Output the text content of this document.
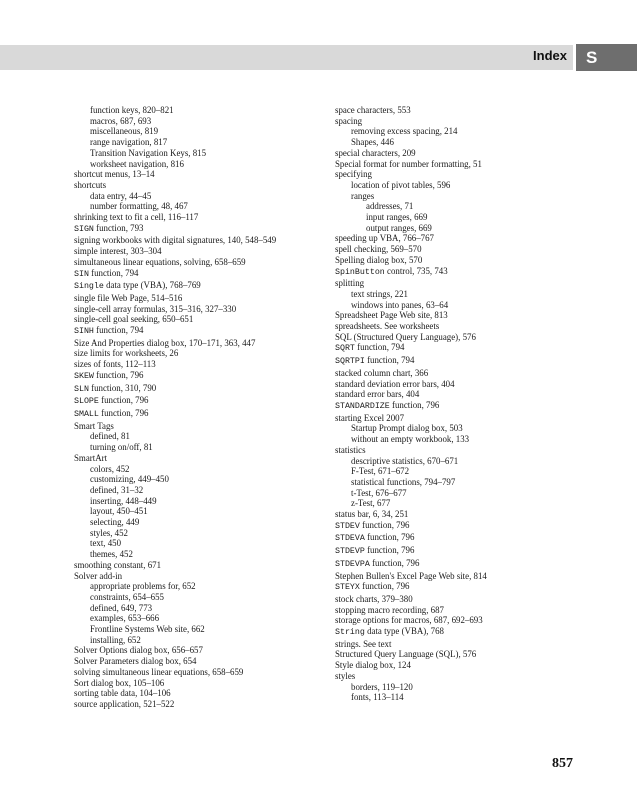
Index S
function keys, 820–821
macros, 687, 693
miscellaneous, 819
range navigation, 817
Transition Navigation Keys, 815
worksheet navigation, 816
shortcut menus, 13–14
shortcuts
data entry, 44–45
number formatting, 48, 467
shrinking text to fit a cell, 116–117
SIGN function, 793
signing workbooks with digital signatures, 140, 548–549
simple interest, 303–304
simultaneous linear equations, solving, 658–659
SIN function, 794
Single data type (VBA), 768–769
single file Web Page, 514–516
single-cell array formulas, 315–316, 327–330
single-cell goal seeking, 650–651
SINH function, 794
Size And Properties dialog box, 170–171, 363, 447
size limits for worksheets, 26
sizes of fonts, 112–113
SKEW function, 796
SLN function, 310, 790
SLOPE function, 796
SMALL function, 796
Smart Tags
defined, 81
turning on/off, 81
SmartArt
colors, 452
customizing, 449–450
defined, 31–32
inserting, 448–449
layout, 450–451
selecting, 449
styles, 452
text, 450
themes, 452
smoothing constant, 671
Solver add-in
appropriate problems for, 652
constraints, 654–655
defined, 649, 773
examples, 653–666
Frontline Systems Web site, 662
installing, 652
Solver Options dialog box, 656–657
Solver Parameters dialog box, 654
solving simultaneous linear equations, 658–659
Sort dialog box, 105–106
sorting table data, 104–106
source application, 521–522
space characters, 553
spacing
removing excess spacing, 214
Shapes, 446
special characters, 209
Special format for number formatting, 51
specifying
location of pivot tables, 596
ranges
addresses, 71
input ranges, 669
output ranges, 669
speeding up VBA, 766–767
spell checking, 569–570
Spelling dialog box, 570
SpinButton control, 735, 743
splitting
text strings, 221
windows into panes, 63–64
Spreadsheet Page Web site, 813
spreadsheets. See worksheets
SQL (Structured Query Language), 576
SQRT function, 794
SQRTPI function, 794
stacked column chart, 366
standard deviation error bars, 404
standard error bars, 404
STANDARDIZE function, 796
starting Excel 2007
Startup Prompt dialog box, 503
without an empty workbook, 133
statistics
descriptive statistics, 670–671
F-Test, 671–672
statistical functions, 794–797
t-Test, 676–677
z-Test, 677
status bar, 6, 34, 251
STDEV function, 796
STDEVA function, 796
STDEVP function, 796
STDEVPA function, 796
Stephen Bullen's Excel Page Web site, 814
STEYX function, 796
stock charts, 379–380
stopping macro recording, 687
storage options for macros, 687, 692–693
String data type (VBA), 768
strings. See text
Structured Query Language (SQL), 576
Style dialog box, 124
styles
borders, 119–120
fonts, 113–114
857
